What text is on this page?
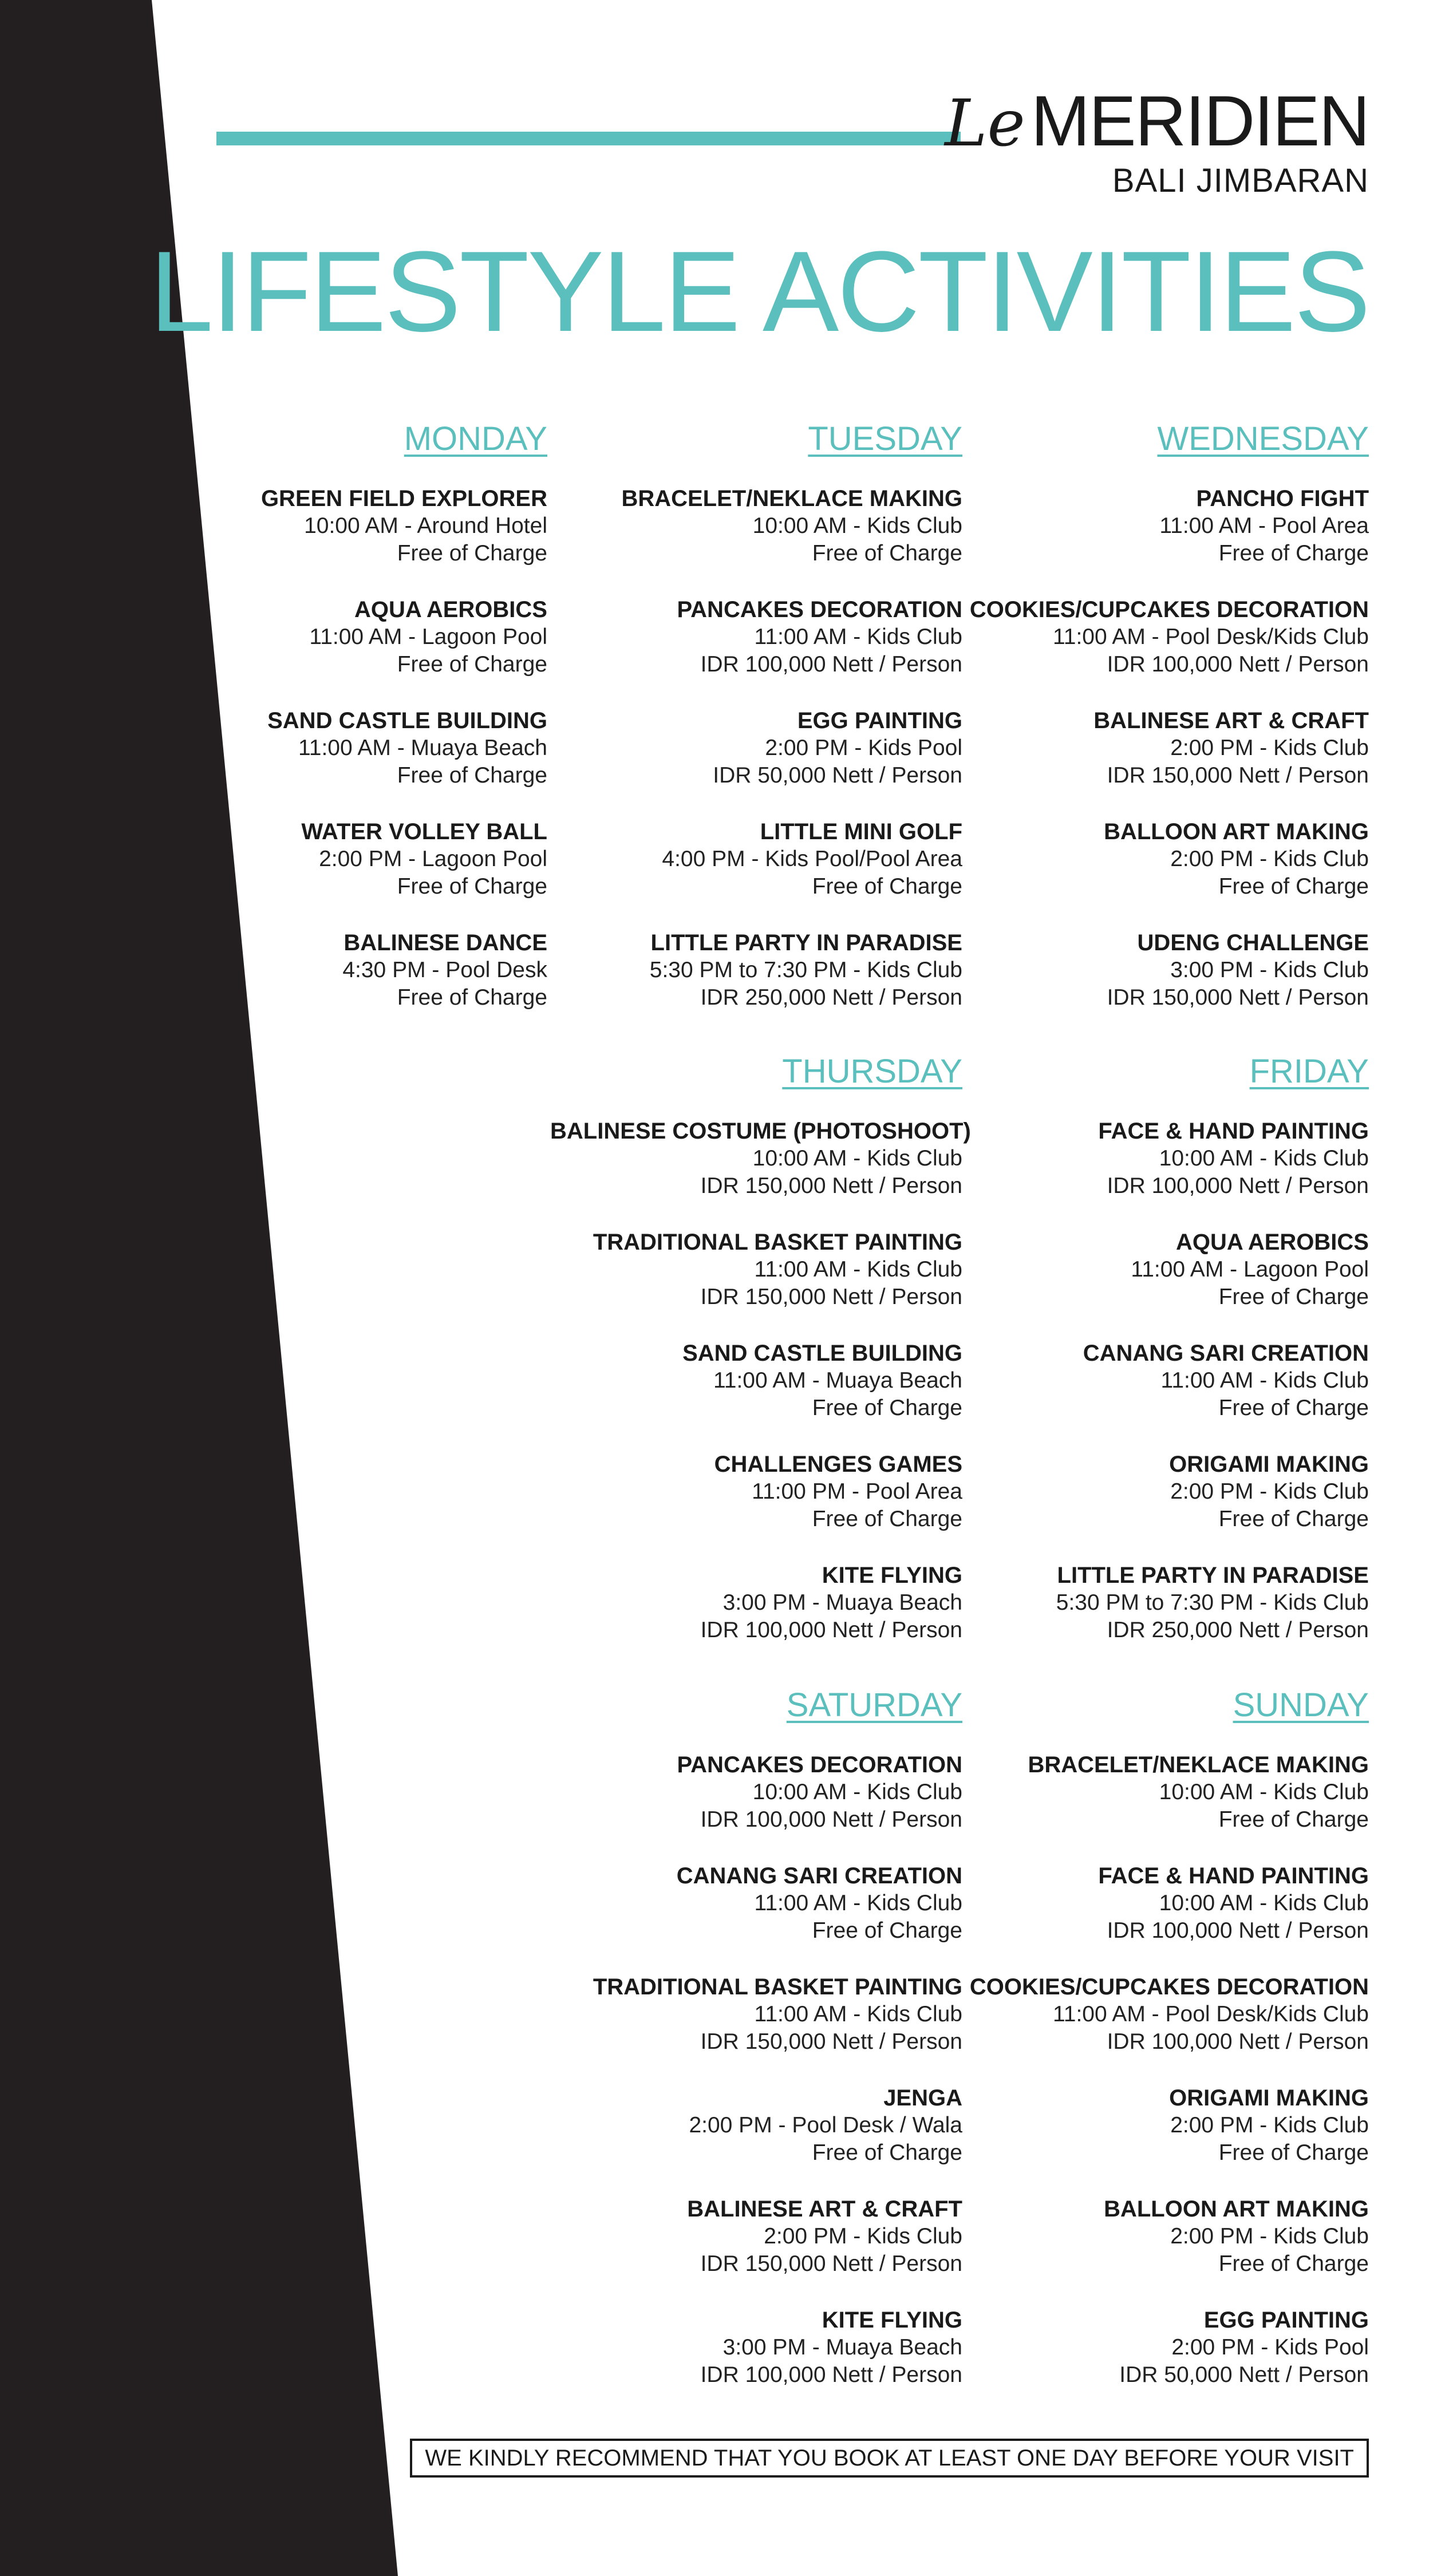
LeMERIDIEN
BALI JIMBARAN
LIFESTYLE ACTIVITIES
MONDAY
GREEN FIELD EXPLORER
10:00 AM - Around Hotel
Free of Charge
AQUA AEROBICS
11:00 AM - Lagoon Pool
Free of Charge
SAND CASTLE BUILDING
11:00 AM - Muaya Beach
Free of Charge
WATER VOLLEY BALL
2:00 PM - Lagoon Pool
Free of Charge
BALINESE DANCE
4:30 PM - Pool Desk
Free of Charge
TUESDAY
BRACELET/NEKLACE MAKING
10:00 AM - Kids Club
Free of Charge
PANCAKES DECORATION
11:00 AM - Kids Club
IDR 100,000 Nett / Person
EGG PAINTING
2:00 PM - Kids Pool
IDR 50,000 Nett / Person
LITTLE MINI GOLF
4:00 PM - Kids Pool/Pool Area
Free of Charge
LITTLE PARTY IN PARADISE
5:30 PM to 7:30 PM - Kids Club
IDR 250,000 Nett / Person
WEDNESDAY
PANCHO FIGHT
11:00 AM - Pool Area
Free of Charge
COOKIES/CUPCAKES DECORATION
11:00 AM - Pool Desk/Kids Club
IDR 100,000 Nett / Person
BALINESE ART & CRAFT
2:00 PM - Kids Club
IDR 150,000 Nett / Person
BALLOON ART MAKING
2:00 PM - Kids Club
Free of Charge
UDENG CHALLENGE
3:00 PM - Kids Club
IDR 150,000 Nett / Person
THURSDAY
BALINESE COSTUME (PHOTOSHOOT)
10:00 AM - Kids Club
IDR 150,000 Nett / Person
TRADITIONAL BASKET PAINTING
11:00 AM - Kids Club
IDR 150,000 Nett / Person
SAND CASTLE BUILDING
11:00 AM - Muaya Beach
Free of Charge
CHALLENGES GAMES
11:00 PM - Pool Area
Free of Charge
KITE FLYING
3:00 PM - Muaya Beach
IDR 100,000 Nett / Person
FRIDAY
FACE & HAND PAINTING
10:00 AM - Kids Club
IDR 100,000 Nett / Person
AQUA AEROBICS
11:00 AM - Lagoon Pool
Free of Charge
CANANG SARI CREATION
11:00 AM - Kids Club
Free of Charge
ORIGAMI MAKING
2:00 PM - Kids Club
Free of Charge
LITTLE PARTY IN PARADISE
5:30 PM to 7:30 PM - Kids Club
IDR 250,000 Nett / Person
SATURDAY
PANCAKES DECORATION
10:00 AM - Kids Club
IDR 100,000 Nett / Person
CANANG SARI CREATION
11:00 AM - Kids Club
Free of Charge
TRADITIONAL BASKET PAINTING
11:00 AM - Kids Club
IDR 150,000 Nett / Person
JENGA
2:00 PM - Pool Desk / Wala
Free of Charge
BALINESE ART & CRAFT
2:00 PM - Kids Club
IDR 150,000 Nett / Person
KITE FLYING
3:00 PM - Muaya Beach
IDR 100,000 Nett / Person
SUNDAY
BRACELET/NEKLACE MAKING
10:00 AM - Kids Club
Free of Charge
FACE & HAND PAINTING
10:00 AM - Kids Club
IDR 100,000 Nett / Person
COOKIES/CUPCAKES DECORATION
11:00 AM - Pool Desk/Kids Club
IDR 100,000 Nett / Person
ORIGAMI MAKING
2:00 PM - Kids Club
Free of Charge
BALLOON ART MAKING
2:00 PM - Kids Club
Free of Charge
EGG PAINTING
2:00 PM - Kids Pool
IDR 50,000 Nett / Person
WE KINDLY RECOMMEND THAT YOU BOOK AT LEAST ONE DAY BEFORE YOUR VISIT
